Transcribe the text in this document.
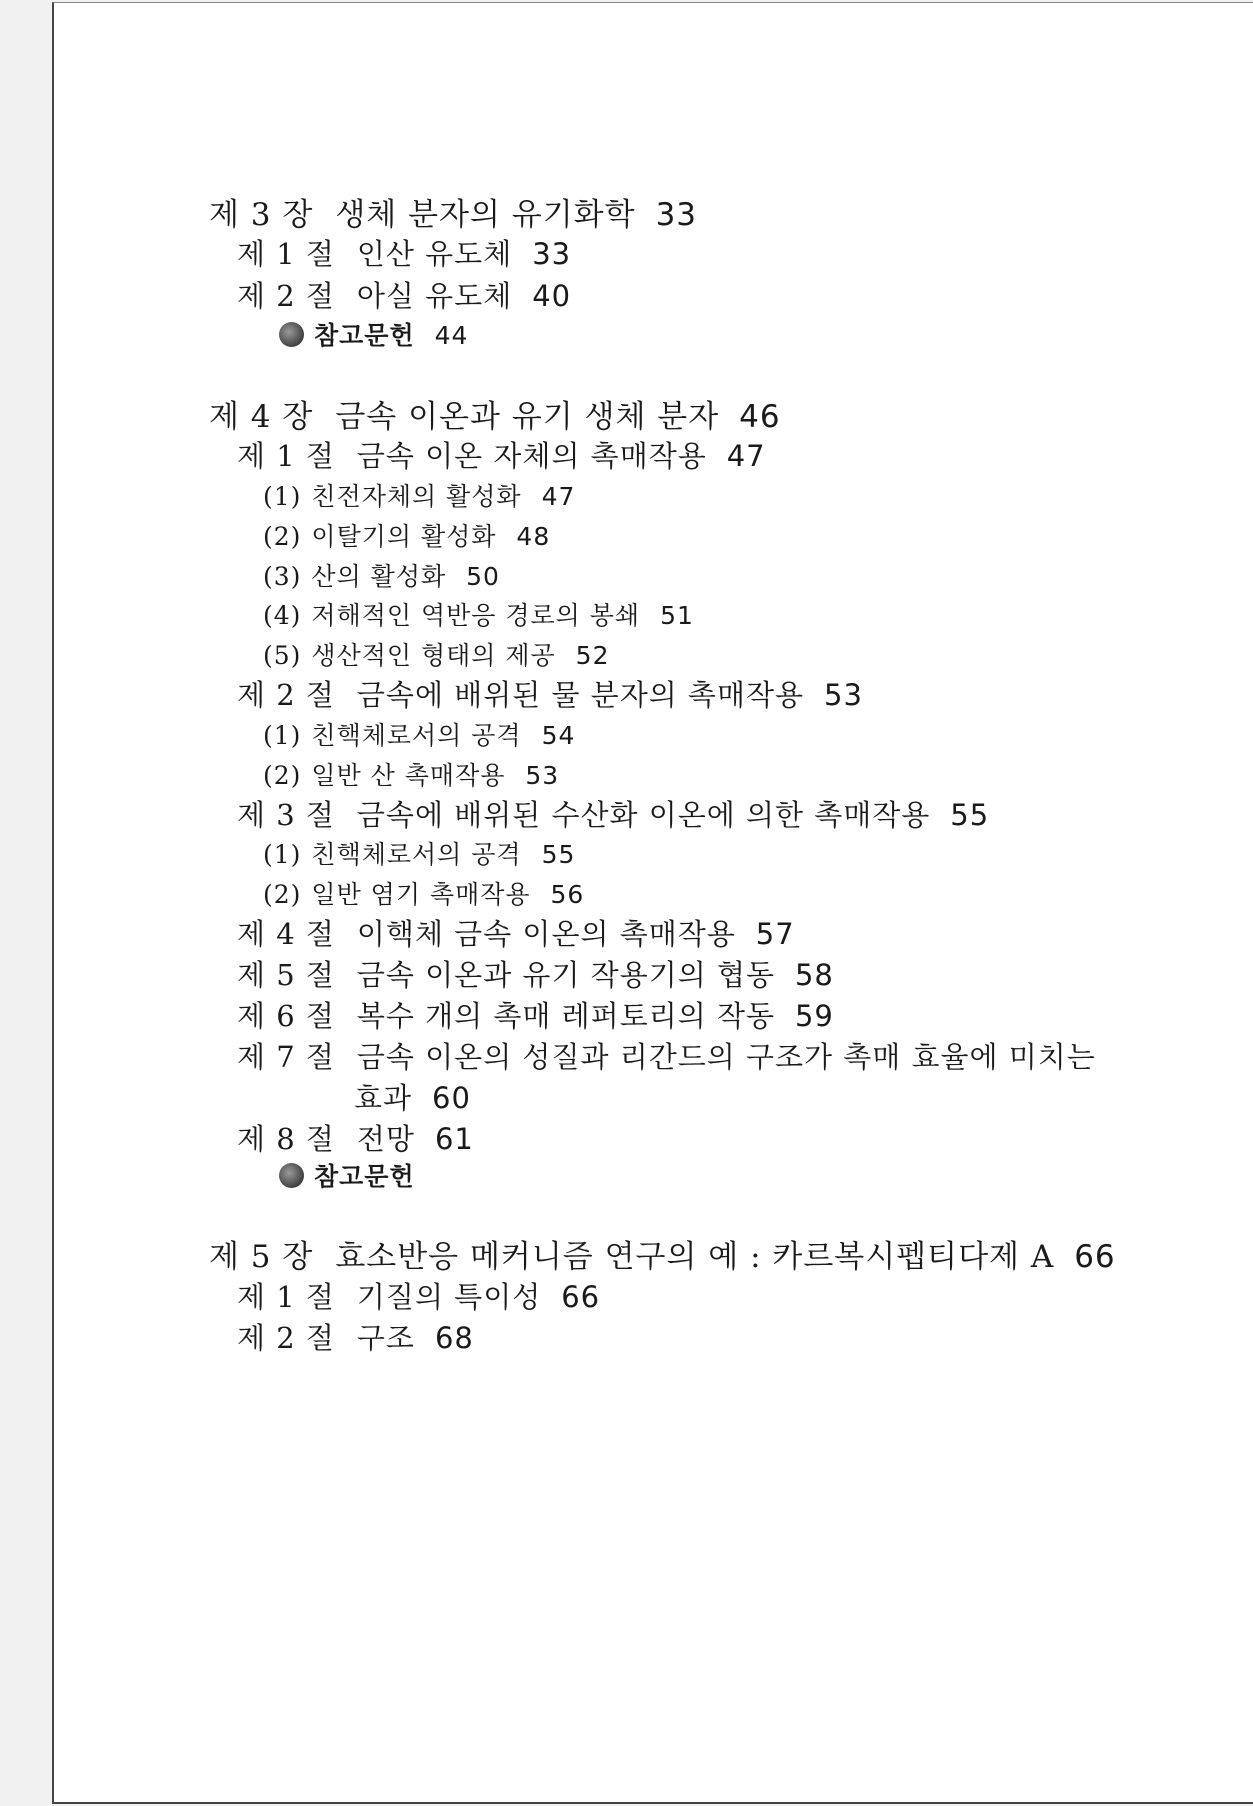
제 3 장 생체 분자의 유기화학 33
제 1 절 인산 유도체 33
제 2 절 아실 유도체 40
참고문헌 44
제 4 장 금속 이온과 유기 생체 분자 46
제 1 절 금속 이온 자체의 촉매작용 47
(1) 친전자체의 활성화 47
(2) 이탈기의 활성화 48
(3) 산의 활성화 50
(4) 저해적인 역반응 경로의 봉쇄 51
(5) 생산적인 형태의 제공 52
제 2 절 금속에 배위된 물 분자의 촉매작용 53
(1) 친핵체로서의 공격 54
(2) 일반 산 촉매작용 53
제 3 절 금속에 배위된 수산화 이온에 의한 촉매작용 55
(1) 친핵체로서의 공격 55
(2) 일반 염기 촉매작용 56
제 4 절 이핵체 금속 이온의 촉매작용 57
제 5 절 금속 이온과 유기 작용기의 협동 58
제 6 절 복수 개의 촉매 레퍼토리의 작동 59
제 7 절 금속 이온의 성질과 리간드의 구조가 촉매 효율에 미치는
효과 60
제 8 절 전망 61
참고문헌
제 5 장 효소반응 메커니즘 연구의 예 : 카르복시펩티다제 A 66
제 1 절 기질의 특이성 66
제 2 절 구조 68
